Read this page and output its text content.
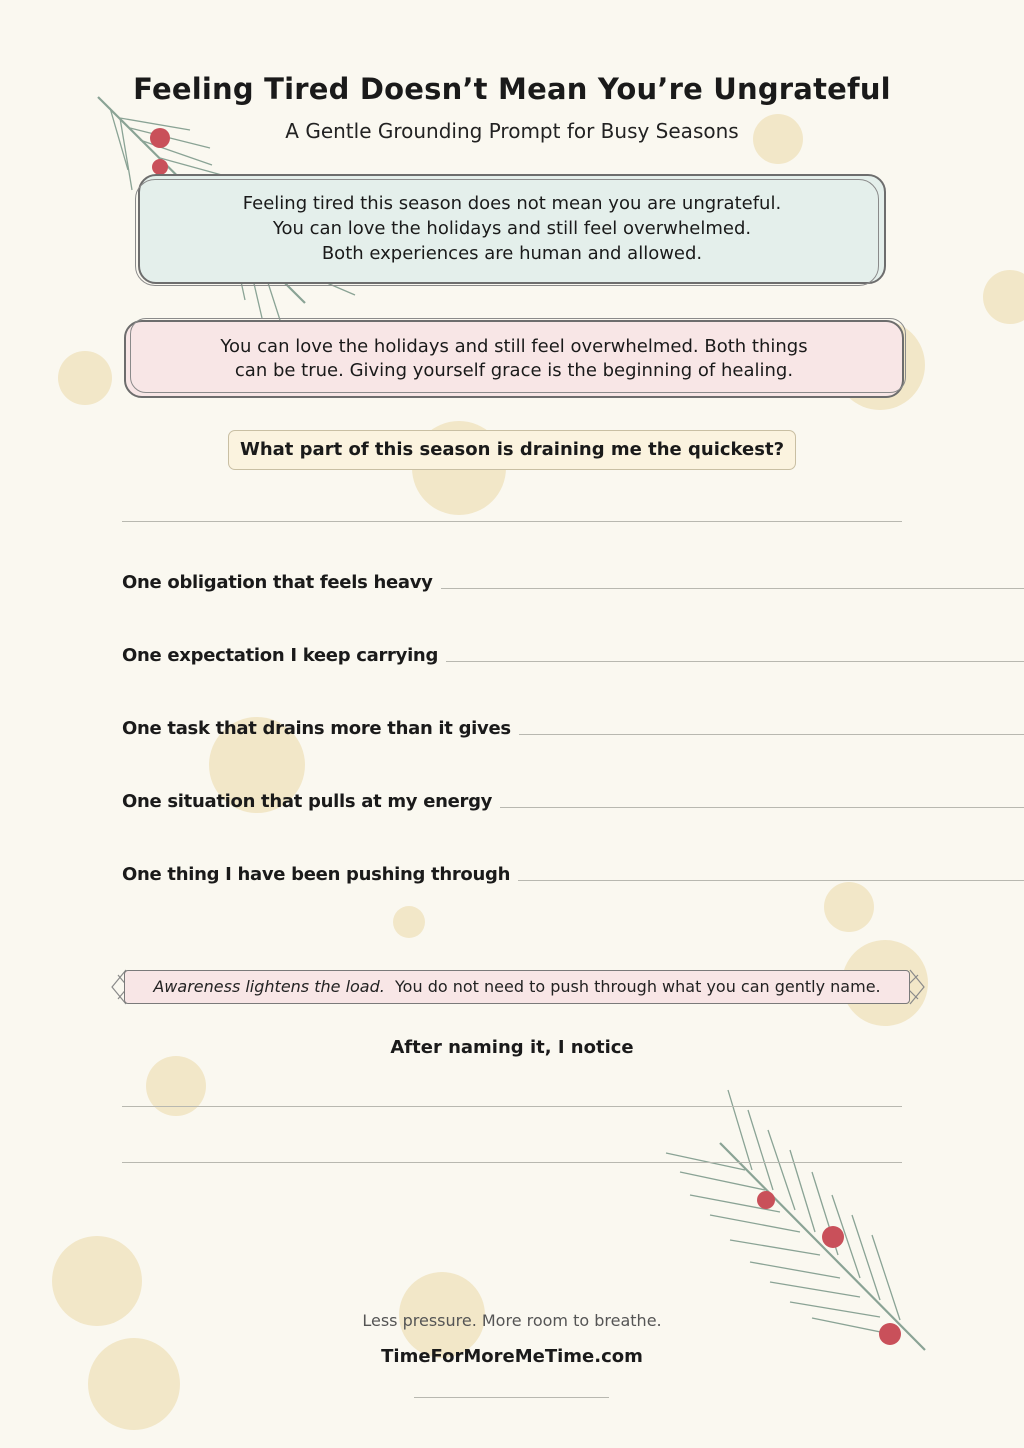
Feeling Tired Doesn’t Mean You’re Ungrateful
A Gentle Grounding Prompt for Busy Seasons
Feeling tired this season does not mean you are ungrateful.
You can love the holidays and still feel overwhelmed.
Both experiences are human and allowed.
You can love the holidays and still feel overwhelmed. Both things can be true. Giving yourself grace is the beginning of healing.
What part of this season is draining me the quickest?
One obligation that feels heavy
One expectation I keep carrying
One task that drains more than it gives
One situation that pulls at my energy
One thing I have been pushing through
Awareness lightens the load. You do not need to push through what you can gently name.
After naming it, I notice
Less pressure. More room to breathe.
TimeForMoreMeTime.com
